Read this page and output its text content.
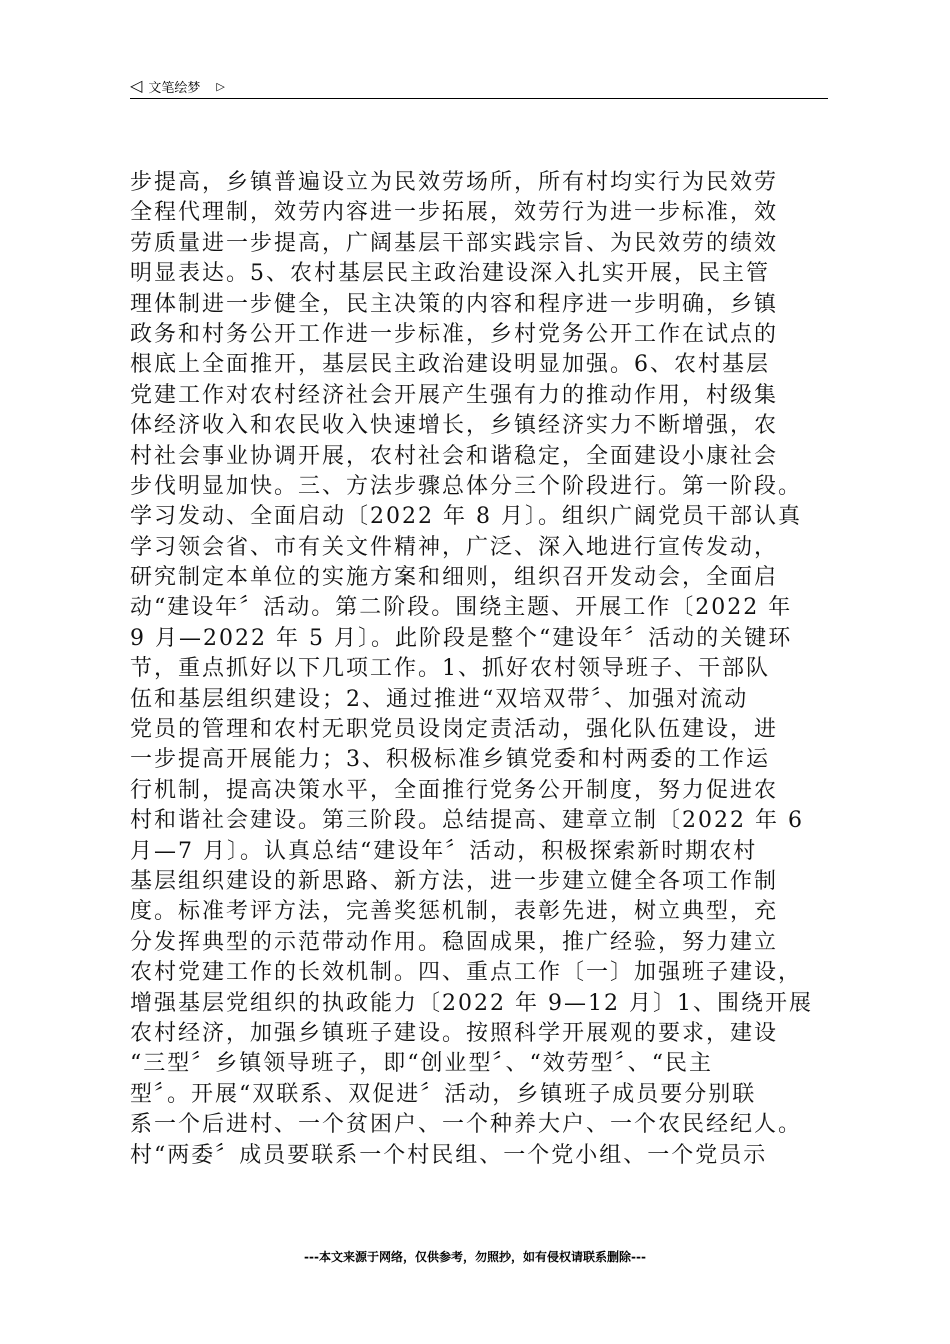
◁ 文笔绘梦 ▷
步提高，乡镇普遍设立为民效劳场所，所有村均实行为民效劳
全程代理制，效劳内容进一步拓展，效劳行为进一步标准，效
劳质量进一步提高，广阔基层干部实践宗旨、为民效劳的绩效
明显表达。5、农村基层民主政治建设深入扎实开展，民主管
理体制进一步健全，民主决策的内容和程序进一步明确，乡镇
政务和村务公开工作进一步标准，乡村党务公开工作在试点的
根底上全面推开，基层民主政治建设明显加强。6、农村基层
党建工作对农村经济社会开展产生强有力的推动作用，村级集
体经济收入和农民收入快速增长，乡镇经济实力不断增强，农
村社会事业协调开展，农村社会和谐稳定，全面建设小康社会
步伐明显加快。三、方法步骤总体分三个阶段进行。第一阶段。
学习发动、全面启动〔2022 年 8 月〕。组织广阔党员干部认真
学习领会省、市有关文件精神，广泛、深入地进行宣传发动，
研究制定本单位的实施方案和细则，组织召开发动会，全面启
动“建设年〞活动。第二阶段。围绕主题、开展工作〔2022 年
9 月—2022 年 5 月〕。此阶段是整个“建设年〞活动的关键环
节，重点抓好以下几项工作。1、抓好农村领导班子、干部队
伍和基层组织建设；2、通过推进“双培双带〞、加强对流动
党员的管理和农村无职党员设岗定责活动，强化队伍建设，进
一步提高开展能力；3、积极标准乡镇党委和村两委的工作运
行机制，提高决策水平，全面推行党务公开制度，努力促进农
村和谐社会建设。第三阶段。总结提高、建章立制〔2022 年 6
月—7 月〕。认真总结“建设年〞活动，积极探索新时期农村
基层组织建设的新思路、新方法，进一步建立健全各项工作制
度。标准考评方法，完善奖惩机制，表彰先进，树立典型，充
分发挥典型的示范带动作用。稳固成果，推广经验，努力建立
农村党建工作的长效机制。四、重点工作〔一〕加强班子建设，
增强基层党组织的执政能力〔2022 年 9—12 月〕1、围绕开展
农村经济，加强乡镇班子建设。按照科学开展观的要求，建设
“三型〞乡镇领导班子，即“创业型〞、“效劳型〞、“民主
型〞。开展“双联系、双促进〞活动，乡镇班子成员要分别联
系一个后进村、一个贫困户、一个种养大户、一个农民经纪人。
村“两委〞成员要联系一个村民组、一个党小组、一个党员示
---本文来源于网络，仅供参考，勿照抄，如有侵权请联系删除---
